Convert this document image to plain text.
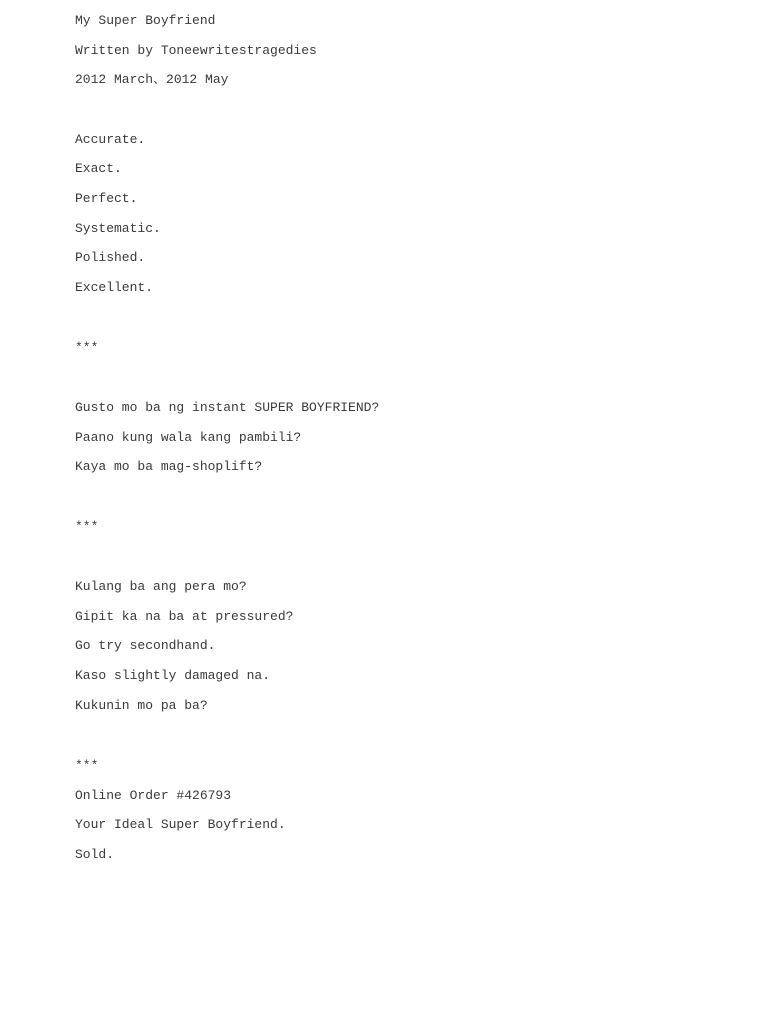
My Super Boyfriend

Written by Toneewritestragedies

2012 March、2012 May

Accurate.

Exact.

Perfect.

Systematic.

Polished.

Excellent.

***

Gusto mo ba ng instant SUPER BOYFRIEND?

Paano kung wala kang pambili?

Kaya mo ba mag-shoplift?

***

Kulang ba ang pera mo?

Gipit ka na ba at pressured?

Go try secondhand.

Kaso slightly damaged na.

Kukunin mo pa ba?

***

Online Order #426793

Your Ideal Super Boyfriend.

Sold.
